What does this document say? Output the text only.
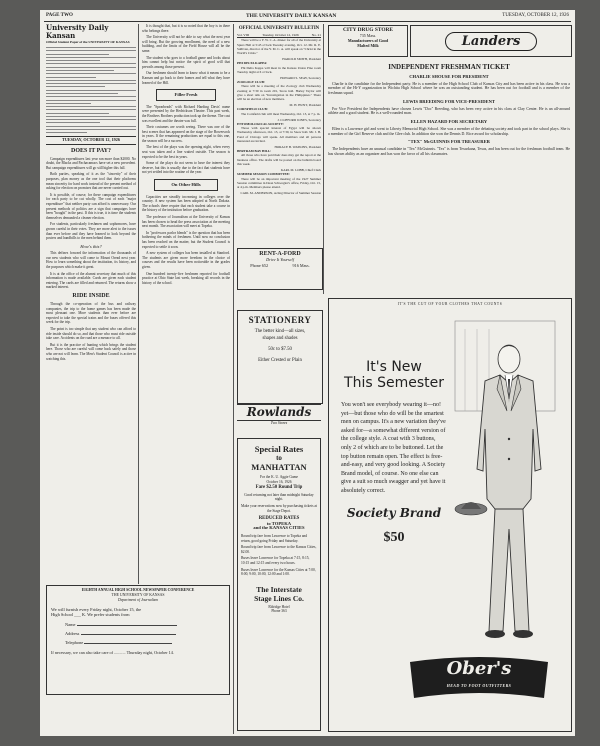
PAGE TWO	THE UNIVERSITY DAILY KANSAN	TUESDAY, OCTOBER 12, 1926
University Daily Kansan
Official Student Paper of the UNIVERSITY OF KANSAS
TUESDAY, OCTOBER 12, 1926
DOES IT PAY?

Campaign expenditures last year ran more than $2000. No doubt, the Blacks and Pachacamacs have set a new precedent. But campaign expenditures will go still higher this fall.

Both parties, speaking of it as the "sincerity" of their purposes, plan money as the one tool that their platforms mean sincerity for hard work instead of the present method of asking for election on promises that are never carried out.

It is possible, of course, for these campaign expenditures for each party to be cut wholly. The cost of each "major expenditure" that neither party can afford is unnecessary. Our present methods of politics are a sign that campaigns have been "bought" in the past. If this is true, it is time the students themselves demanded a cleaner election.

For students, particularly freshmen and sophomores, have grown careful in their votes. They are more alert to the issues than ever before and they have learned to look beyond the posters and handbills to the men behind them.

How's this?

This defines forward the information of the thousands of our new students who will come to Mount Oread next year. How to learn something about the institution, its history, and the purposes which make it great.

It is at the office of the alumni secretary that much of this information is made available. Cards are given each student entering. The cards are filled and returned. The returns show a marked interest.

RIDE INSIDE

Through the co-operation of the bus and railway companies, the trip to the home games has been made the most pleasant one. More students than ever before are expected to take the special trains and the buses offered this week for the trip.

The point is too simple that any student who can afford to ride inside should do so, and that those who must ride outside take care. Accidents on the road are a menace to all.

But it is the practice of hunting which brings the student here. Those who are careful will come back safely and those who are not will learn. The Men's Student Council is active in watching this.

It is thought that, but it is so noted that the boy is in there who belongs there.

The University will not be able to say what the next year will bring. But the growing enrollment, the need of a new building, and the limits of the Field House will all be the same.

The student who goes to a football game and looks about him cannot help but notice the spirit of good will that prevails among those present.

Our freshmen should learn to know what it means to be a Kansan and go back to their homes and tell what they have learned of the Hill.

Filler Fresh

The "Spearheads" with Richard Harding Davis' name were presented by the Hedrickson Theatre. This past week, the Brothers Brothers production took up the theme. The cast was excellent and the theatre was full.

Their costumes are worth seeing. There was one of the best scenes that has appeared on the stage of the Bowersock in years. If the remaining productions are equal to this one, the season will be a success.

The best of the plays was the opening night, when every seat was taken and a line waited outside. The season is expected to be the best in years.

Some of the plays do not seem to have the interest they deserve, but this is usually due to the fact that students have not yet settled into the routine of the year.

On Other Hills

Capacities are steadily increasing in colleges over the country. A new system has been adopted at North Dakota. The schools there require that each student take a course in the history of the institution before graduation.

The professor of Journalism at the University of Kansas has been chosen to head the press association at the meeting next month. The association will meet at Topeka.

In "professors parlor blends" is the question that has been bothering the minds of freshmen. Until now no conclusion has been reached on the matter, but the Student Council is expected to settle it soon.

A new system of colleges has been installed at Stanford. The students are given more freedom in the choice of courses and the results have been noticeable in the grades given.

One hundred twenty-five freshmen reported for football practice at Ohio State last week, breaking all records in the history of the school.

EIGHTH ANNUAL HIGH SCHOOL NEWSPAPER CONFERENCE
THE UNIVERSITY OF KANSAS
Department of Journalism
We will furnish every Friday night, October 15, the
High School ___ K. We prefer students from
Name
Address
Telephone
If necessary, we can also take care of ........... Thursday night, October 14.
OFFICIAL UNIVERSITY BULLETIN
Vol. VIII	Tuesday, October 12, 1926	No. 21

There will be a Y. W. C. A. dinner for all of the University at Spurs Hall at 5:45 o'clock Tuesday evening, Oct. 12. Mr. R. E. Sullivan, director of the Y. M. C. A. will speak on "Christ in the World's Crisis."

HAROLD SMITH, President
PHI DELTA KAPPA:

Phi Delta Kappa will meet in the Kansas Union Pine room Tuesday night at 6 o'clock.

HOWARD S. SEAY, Secretary
ZOOLOGY CLUB:

There will be a meeting of the Zoology club Wednesday evening at 7:30 in room 201, Snow hall. Harley Taylor will give a short talk on "Investigation in the Philippines." There will be an election of new members.

M. H. HUNT, President
CORNFIELD CLUB:

The Cornfield club will meet Wednesday, Oct. 13, at 7 p. m.

J. CLIFFORD JONES, Secretary
ENTOMOLOGICAL SOCIETY:

Those with special interest of Egypt will be shown Wednesday afternoon, Oct. 13, at 7:30, in Snow hall. Mr. J. B. Pond of Chicago will speak. All members and all persons interested are invited.

HORACE B. WATKINS, President
BERTRAM BAY HILL:

All those who have paid their dues may get the report at the business office. The drafts will be posted on the bulletin board this week.

KARL M. LOBB, Chief Clerk
SUMMER SESSION COMMITTEE:

There will be an important meeting of the 1927 Summer Session committee in Dean Schwegler's office, Friday, Oct. 15, at 4 p.m. Members please attend.

CARL M. ANDERSON, Acting Director of Summer Session
CITY DRUG STORE
735 Mass.
Manufacturers of Good
Malted Milk	Landers
INDEPENDENT FRESHMAN TICKET
CHARLIE SHOUSE FOR PRESIDENT

Charlie is the candidate for the Independent party. He is a member of the High School Club of Kansas City and has been active in his class. He was a member of the Hi-Y organization in Wichita High School where he was an outstanding student. He has been out for football and is a member of the freshman squad.

LEWIS BREEDING FOR VICE-PRESIDENT

For Vice President the Independents have chosen Lewis "Doc" Breeding, who has been very active in his class at Clay Center. He is an all-around athlete and a good student. He is a well-rounded man.

ELLEN HAZARD FOR SECRETARY

Ellen is a Lawrence girl and went to Liberty Memorial High School. She was a member of the debating society and took part in the school plays. She is a member of the Girl Reserve club and the Glee club. In addition she won the Dennis D. Rice award for scholarship.

"TEX" McGUINNIS FOR TREASURER

The Independents have an unusual candidate in "Tex" McGuinnis. "Tex" is from Texarkana, Texas, and has been out for the freshman football team. He has shown ability as an organizer and has won the favor of all his classmates.

RENT-A-FORD
Drive It Yourself
Phone 652	916 Mass.
STATIONERY
The better kind—all sizes,
shapes and shades
50c to $7.50
Either Crested or Plain
Rowlands
Two Stores
Special Rates
to
MANHATTAN
For the K. U. Aggie Game
October 16, 1926
Fare $2.50 Round Trip
Good returning not later than midnight Saturday night.
Make your reservations now by purchasing tickets at the Stage Depot.
REDUCED RATES
to TOPEKA
and the KANSAS CITIES
Round trip fare from Lawrence to Topeka and return, good going Friday and Saturday.
Round trip fare from Lawrence to the Kansas Cities, $2.00.
Buses leave Lawrence for Topeka at 7:15, 8:15, 10:15 and 12:15 and every two hours.
Buses leave Lawrence for the Kansas Cities at 7:00, 8:00, 9:00, 10:00, 12:00 and 1:00.
The Interstate
Stage Lines Co.
Eldridge Hotel
Phone 363
IT'S THE CUT OF YOUR CLOTHES THAT COUNTS
It's New
This Semester
You won't see everybody wearing it—no! yet—but those who do will be the smartest men on campus. It's a new variation they've asked for—a somewhat different version of the college style. A coat with 3 buttons, only 2 of which are to be buttoned. Let the top button remain open. The effect is free-and-easy, and very good looking. A Society Brand model, of course. No one else can give a suit so much swagger and yet have it absolutely correct.
Society Brand
$50
Ober's
HEAD TO FOOT OUTFITTERS
